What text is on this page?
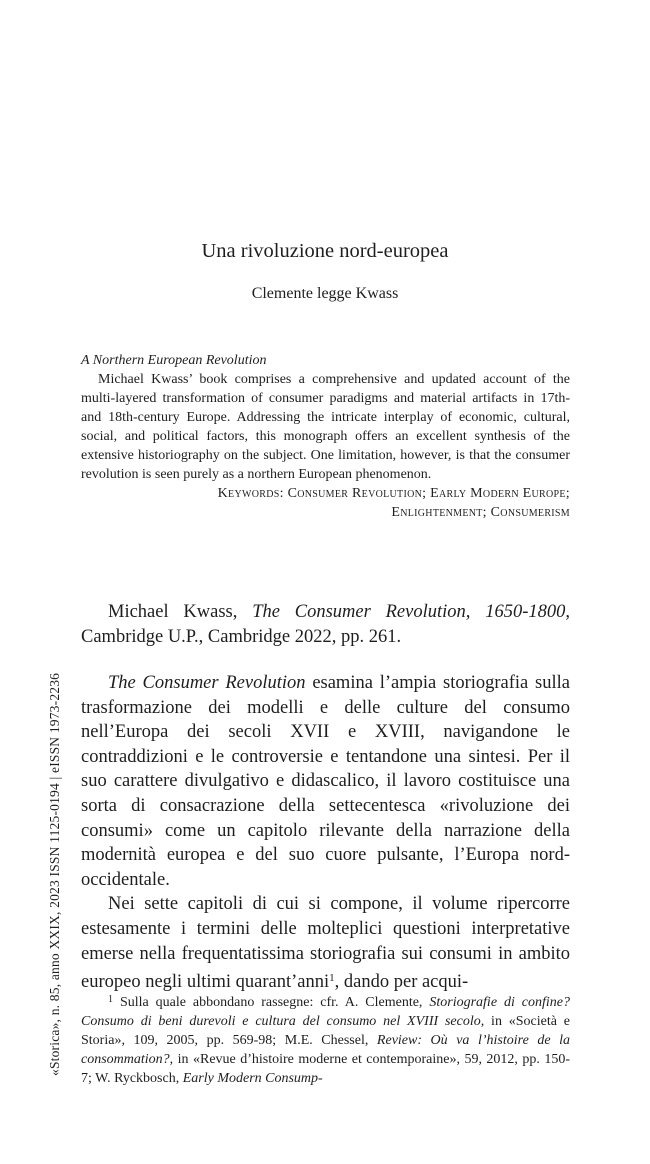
Una rivoluzione nord-europea
Clemente legge Kwass
A Northern European Revolution

Michael Kwass’ book comprises a comprehensive and updated account of the multi-layered transformation of consumer paradigms and material artifacts in 17th- and 18th-century Europe. Addressing the intricate interplay of economic, cultural, social, and political factors, this monograph offers an excellent synthesis of the extensive historiography on the subject. One limitation, however, is that the consumer revolution is seen purely as a northern European phenomenon.

Keywords: Consumer Revolution; Early Modern Europe;
Enlightenment; Consumerism

Michael Kwass, The Consumer Revolution, 1650-1800, Cambridge U.P., Cambridge 2022, pp. 261.

The Consumer Revolution esamina l’ampia storiografia sulla trasformazione dei modelli e delle culture del consumo nell’Europa dei secoli XVII e XVIII, navigandone le contraddizioni e le controversie e tentandone una sintesi. Per il suo carattere divulgativo e didascalico, il lavoro costituisce una sorta di consacrazione della settecentesca «rivoluzione dei consumi» come un capitolo rilevante della narrazione della modernità europea e del suo cuore pulsante, l’Europa nord-occidentale.

Nei sette capitoli di cui si compone, il volume ripercorre estesamente i termini delle molteplici questioni interpretative emerse nella frequentatissima storiografia sui consumi in ambito europeo negli ultimi quarant’anni$^1$, dando per acqui-

$^1$ Sulla quale abbondano rassegne: cfr. A. Clemente, Storiografie di confine? Consumo di beni durevoli e cultura del consumo nel XVIII secolo, in «Società e Storia», 109, 2005, pp. 569-98; M.E. Chessel, Review: Où va l’histoire de la consommation?, in «Revue d’histoire moderne et contemporaine», 59, 2012, pp. 150-7; W. Ryckbosch, Early Modern Consump-

«Storica», n. 85, anno XXIX, 2023 ISSN 1125-0194 | eISSN 1973-2236
